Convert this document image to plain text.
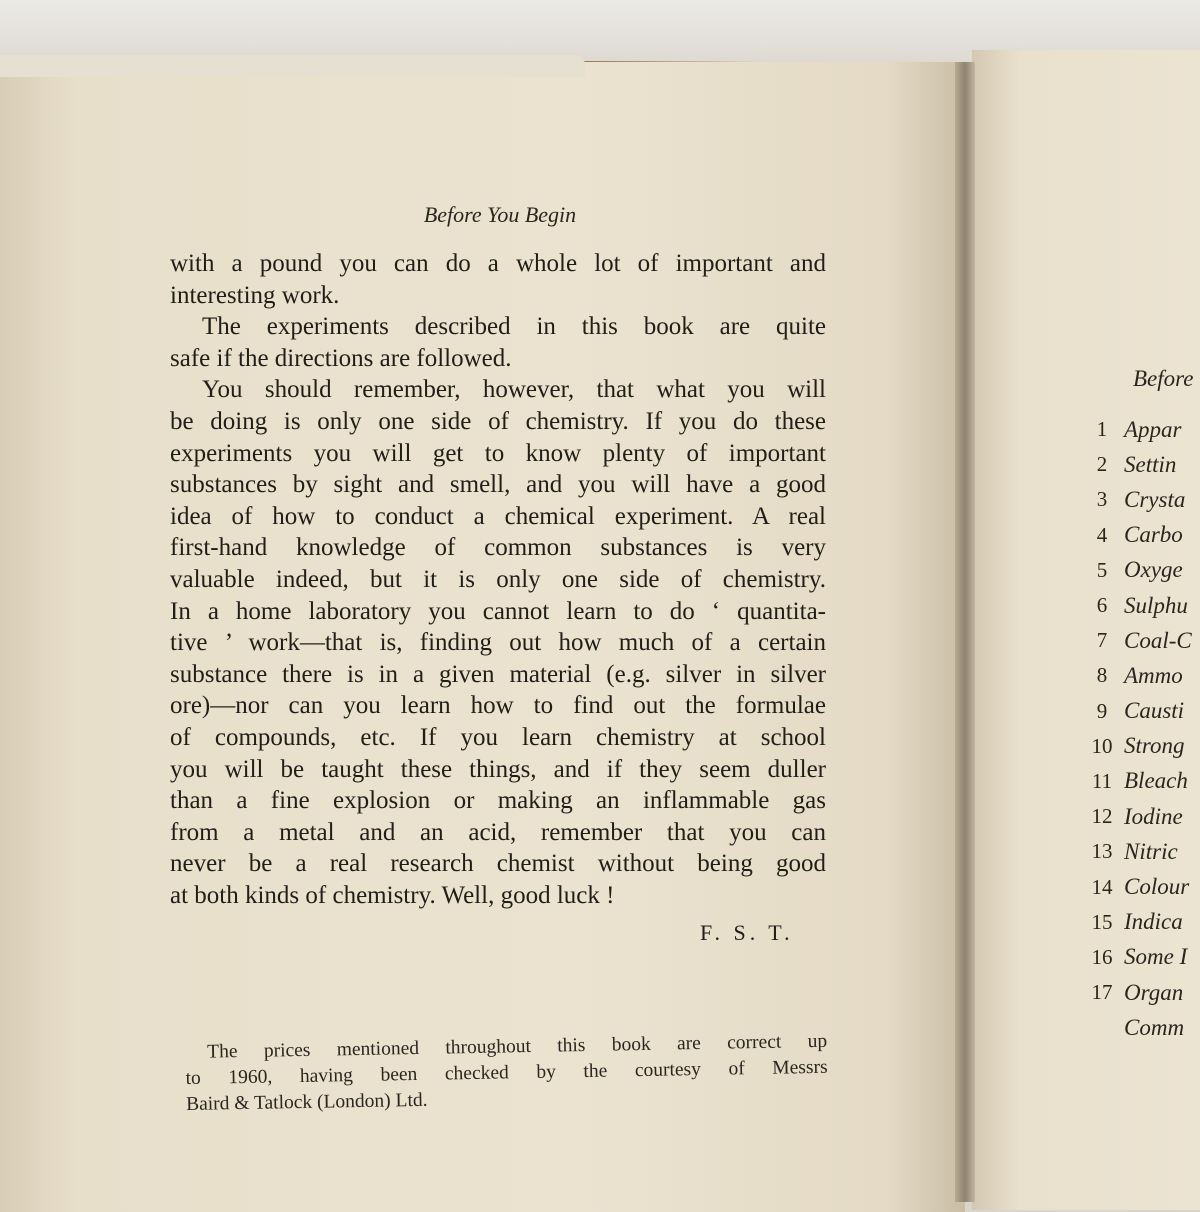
Before You Begin
with a pound you can do a whole lot of important and
interesting work.
The experiments described in this book are quite
safe if the directions are followed.
You should remember, however, that what you will
be doing is only one side of chemistry. If you do these
experiments you will get to know plenty of important
substances by sight and smell, and you will have a good
idea of how to conduct a chemical experiment. A real
first-hand knowledge of common substances is very
valuable indeed, but it is only one side of chemistry.
In a home laboratory you cannot learn to do ‘ quantita-
tive ’ work—that is, finding out how much of a certain
substance there is in a given material (e.g. silver in silver
ore)—nor can you learn how to find out the formulae
of compounds, etc. If you learn chemistry at school
you will be taught these things, and if they seem duller
than a fine explosion or making an inflammable gas
from a metal and an acid, remember that you can
never be a real research chemist without being good
at both kinds of chemistry. Well, good luck !
F. S. T.
The prices mentioned throughout this book are correct up
to 1960, having been checked by the courtesy of Messrs
Baird & Tatlock (London) Ltd.
Before
1 Appar
2 Settin
3 Crysta
4 Carbo
5 Oxyge
6 Sulphu
7 Coal-C
8 Ammo
9 Causti
10 Strong
11 Bleach
12 Iodine
13 Nitric
14 Colour
15 Indica
16 Some I
17 Organ
Comm
